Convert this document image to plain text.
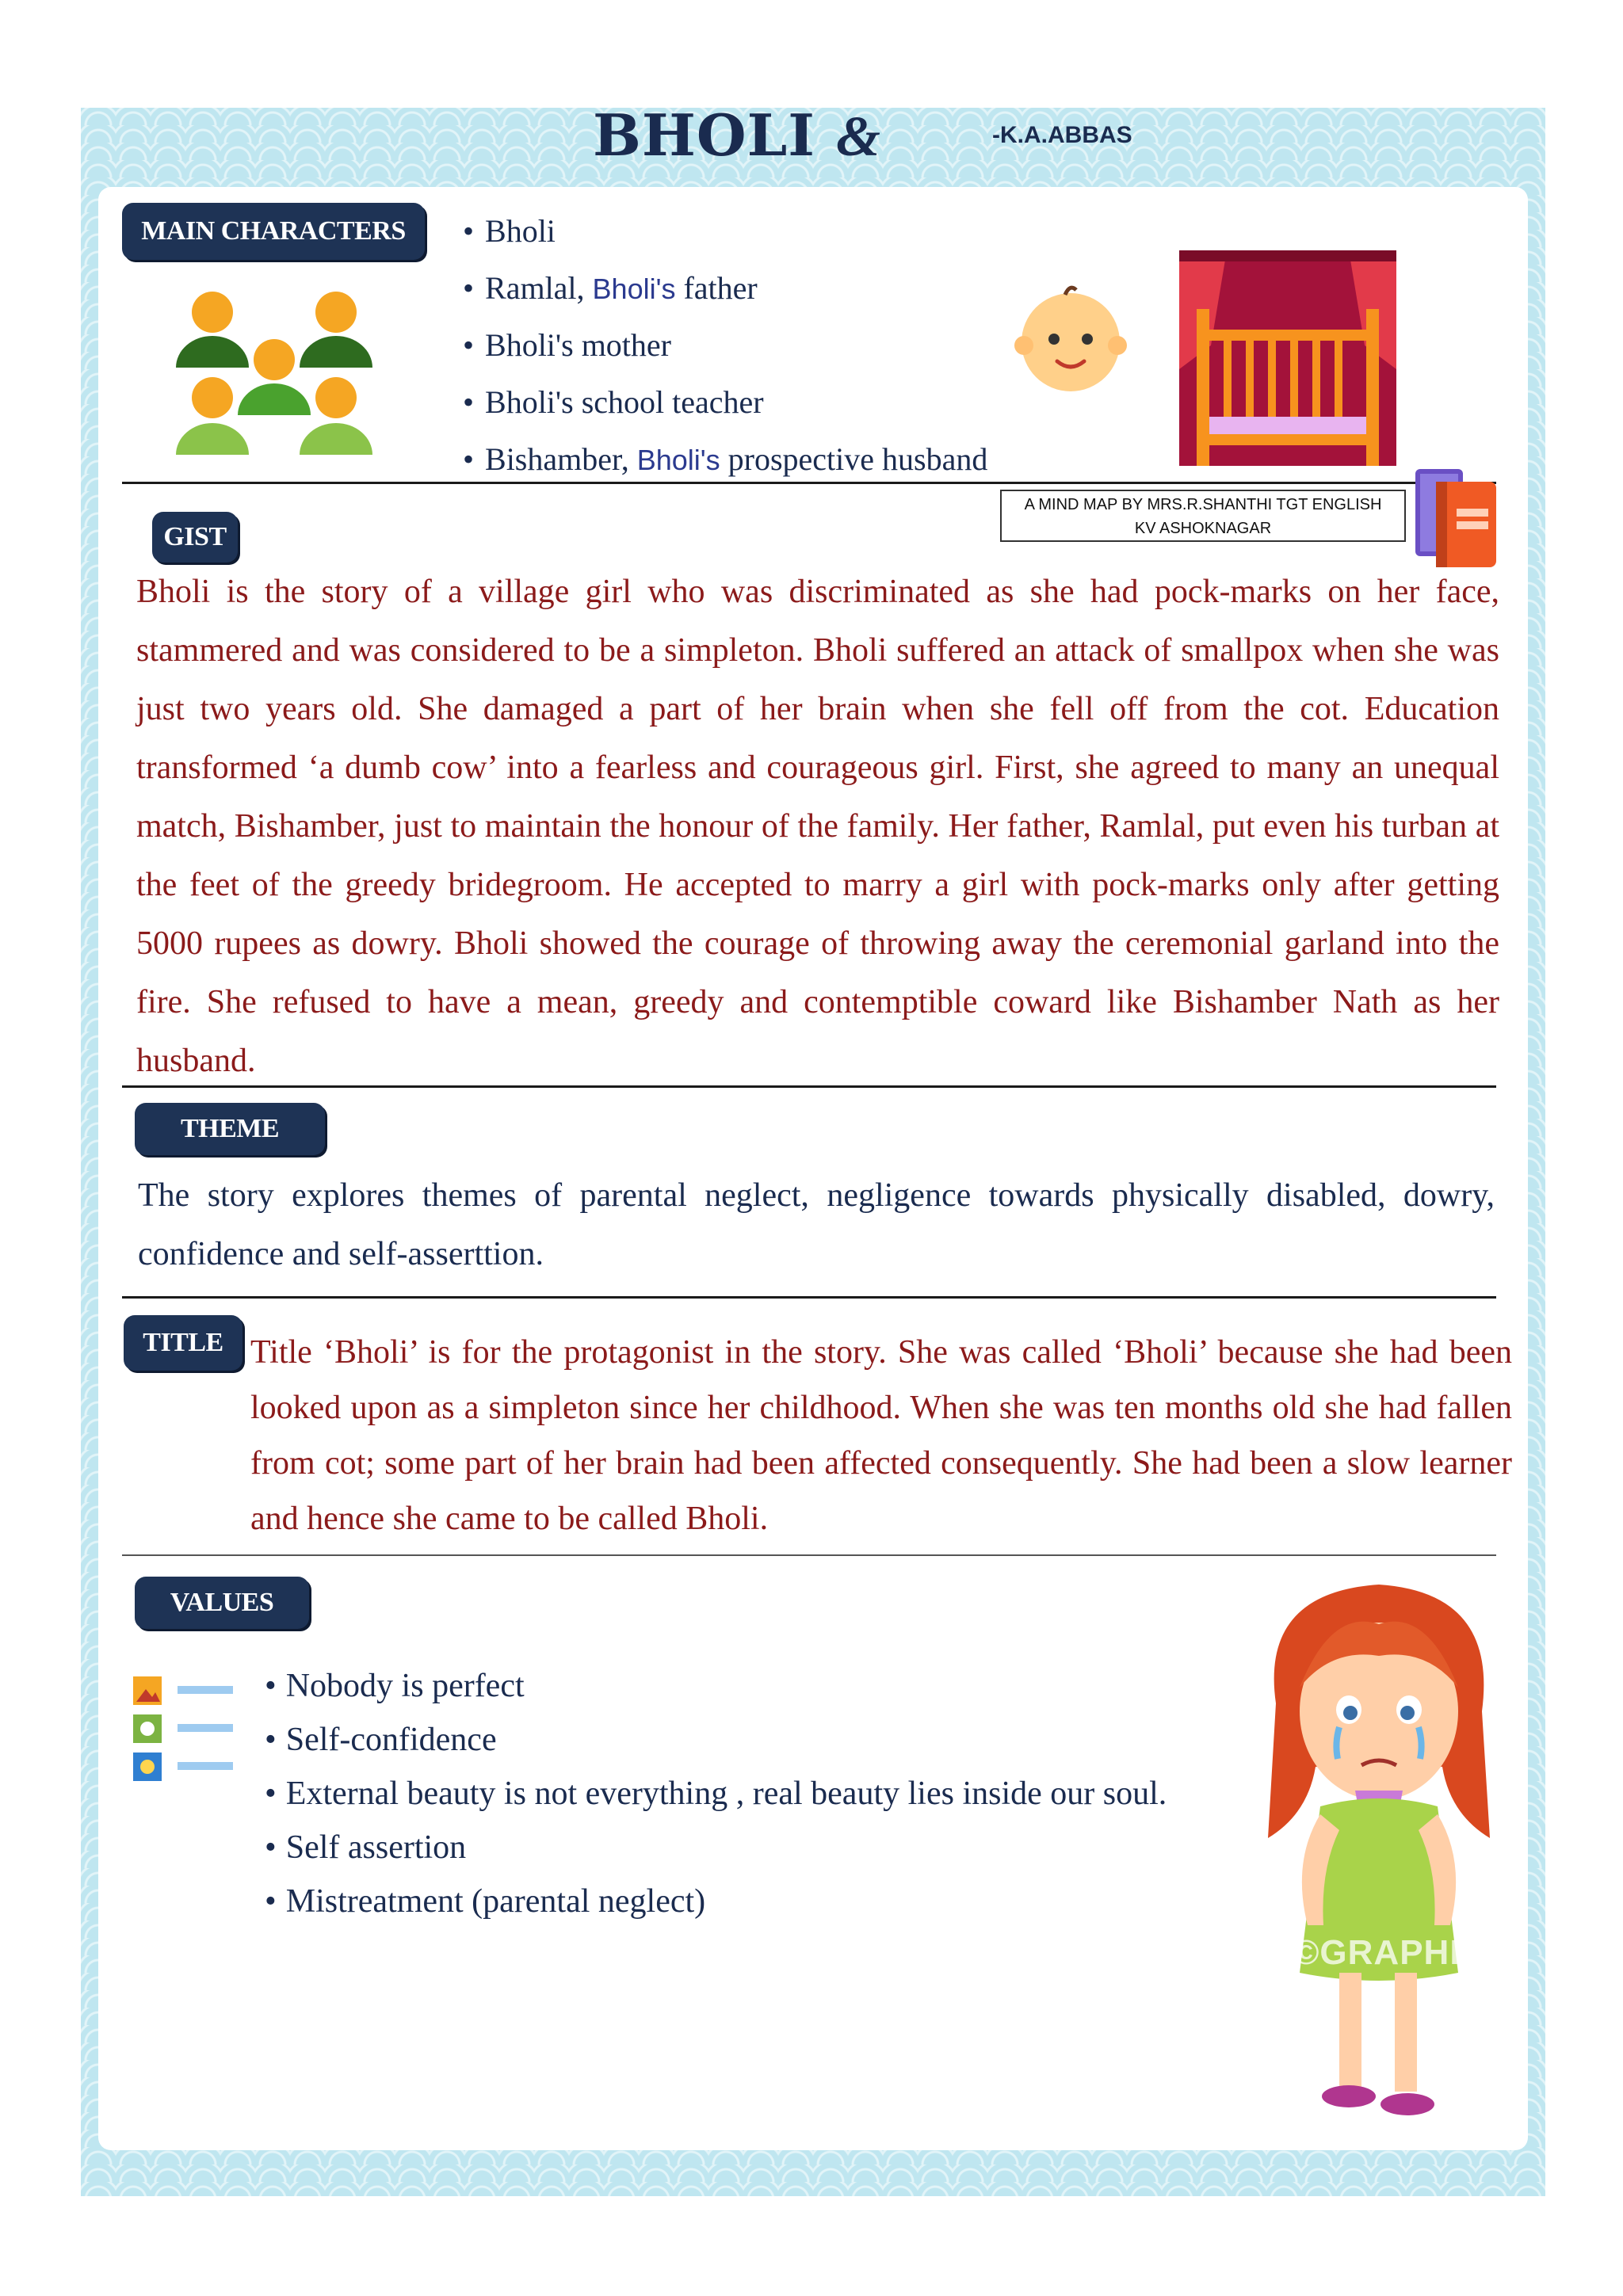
BHOLI &	-K.A.ABBAS
MAIN CHARACTERS
•	Bholi
• Ramlal, Bholi's father
• Bholi's mother
• Bholi's school teacher
• Bishamber, Bholi's prospective husband
A MIND MAP BY MRS.R.SHANTHI TGT ENGLISH
KV ASHOKNAGAR
GIST

Bholi is the story of a village girl who was discriminated as she had pock-marks on her face, stammered and was considered to be a simpleton. Bholi suffered an attack of smallpox when she was just two years old. She damaged a part of her brain when she fell off from the cot. Education transformed ‘a dumb cow’ into a fearless and courageous girl. First, she agreed to many an unequal match, Bishamber, just to maintain the honour of the family. Her father, Ramlal, put even his turban at the feet of the greedy bridegroom. He accepted to marry a girl with pock-marks only after getting 5000 rupees as dowry. Bholi showed the courage of throwing away the ceremonial garland into the fire. She refused to have a mean, greedy and contemptible coward like Bishamber Nath as her husband.

THEME

The story explores themes of parental neglect, negligence towards physically disabled, dowry, confidence and self-asserttion.

TITLE Title ‘Bholi’ is for the protagonist in the story. She was called ‘Bholi’ because she had been looked upon as a simpleton since her childhood. When she was ten months old she had fallen from cot; some part of her brain had been affected consequently. She had been a slow learner and hence she came to be called Bholi.

VALUES
• Nobody is perfect
• Self-confidence
• External beauty is not everything , real beauty lies inside our soul.
• Self assertion
• Mistreatment (parental neglect)
©GRAPHI
